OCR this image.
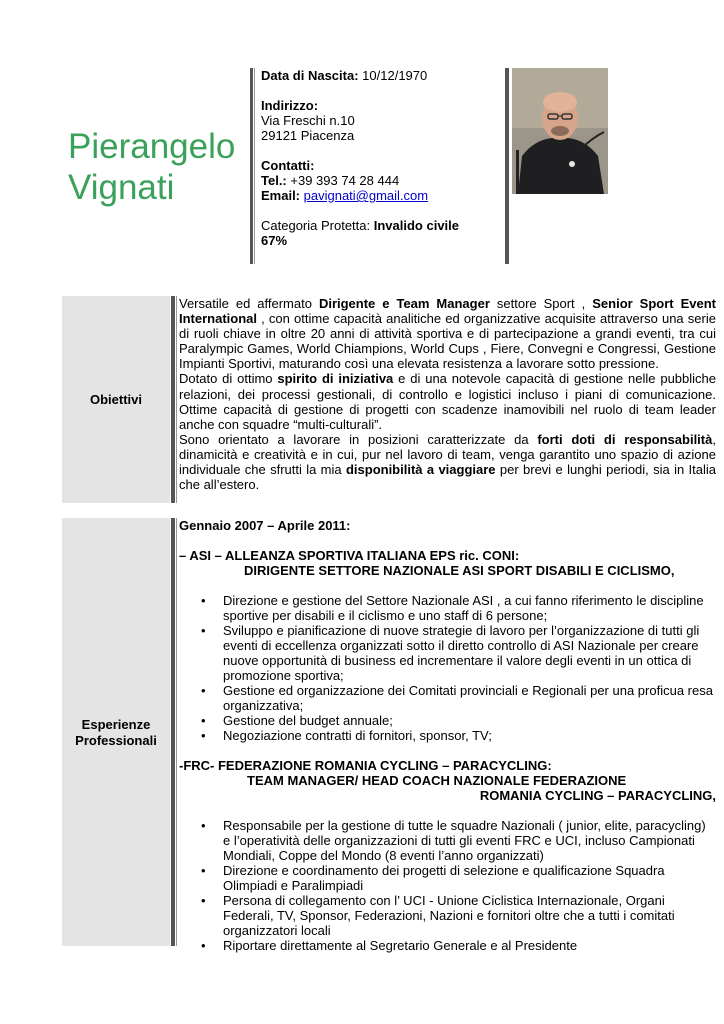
Pierangelo
Vignati

Data di Nascita: 10/12/1970

Indirizzo:

Via Freschi n.10

29121 Piacenza

Contatti:

Tel.: +39 393 74 28 444

Email: pavignati@gmail.com

Categoria Protetta: Invalido civile

67%

Obiettivi

Versatile ed affermato Dirigente e Team Manager settore Sport , Senior Sport Event International , con ottime capacità analitiche ed organizzative acquisite attraverso una serie di ruoli chiave in oltre 20 anni di attività sportiva e di partecipazione a grandi eventi, tra cui Paralympic Games, World Chiampions, World Cups , Fiere, Convegni e Congressi, Gestione Impianti Sportivi, maturando così una elevata resistenza a lavorare sotto pressione.

Dotato di ottimo spirito di iniziativa e di una notevole capacità di gestione nelle pubbliche relazioni, dei processi gestionali, di controllo e logistici incluso i piani di comunicazione. Ottime capacità di gestione di progetti con scadenze inamovibili nel ruolo di team leader anche con squadre “multi-culturali”.

Sono orientato a lavorare in posizioni caratterizzate da forti doti di responsabilità, dinamicità e creatività e in cui, pur nel lavoro di team, venga garantito uno spazio di azione individuale che sfrutti la mia disponibilità a viaggiare per brevi e lunghi periodi, sia in Italia che all’estero.

Esperienze
Professionali

Gennaio 2007 – Aprile 2011:

– ASI – ALLEANZA SPORTIVA ITALIANA EPS ric. CONI:

DIRIGENTE SETTORE NAZIONALE ASI SPORT DISABILI E CICLISMO,

• Direzione e gestione del Settore Nazionale ASI , a cui fanno riferimento le discipline sportive per disabili e il ciclismo e uno staff di 6 persone;
• Sviluppo e pianificazione di nuove strategie di lavoro per l’organizzazione di tutti gli eventi di eccellenza organizzati sotto il diretto controllo di ASI Nazionale per creare nuove opportunità di business ed incrementare il valore degli eventi in un ottica di promozione sportiva;
• Gestione ed organizzazione dei Comitati provinciali e Regionali per una proficua resa organizzativa;
• Gestione del budget annuale;
• Negoziazione contratti di fornitori, sponsor, TV;

-FRC- FEDERAZIONE ROMANIA CYCLING – PARACYCLING:

TEAM MANAGER/ HEAD COACH NAZIONALE FEDERAZIONE

ROMANIA CYCLING – PARACYCLING,

• Responsabile per la gestione di tutte le squadre Nazionali ( junior, elite, paracycling) e l’operatività delle organizzazioni di tutti gli eventi FRC e UCI, incluso Campionati Mondiali, Coppe del Mondo (8 eventi l’anno organizzati)
• Direzione e coordinamento dei progetti di selezione e qualificazione Squadra Olimpiadi e Paralimpiadi
• Persona di collegamento con l’ UCI - Unione Ciclistica Internazionale, Organi Federali, TV, Sponsor, Federazioni, Nazioni e fornitori oltre che a tutti i comitati organizzatori locali
• Riportare direttamente al Segretario Generale e al Presidente
